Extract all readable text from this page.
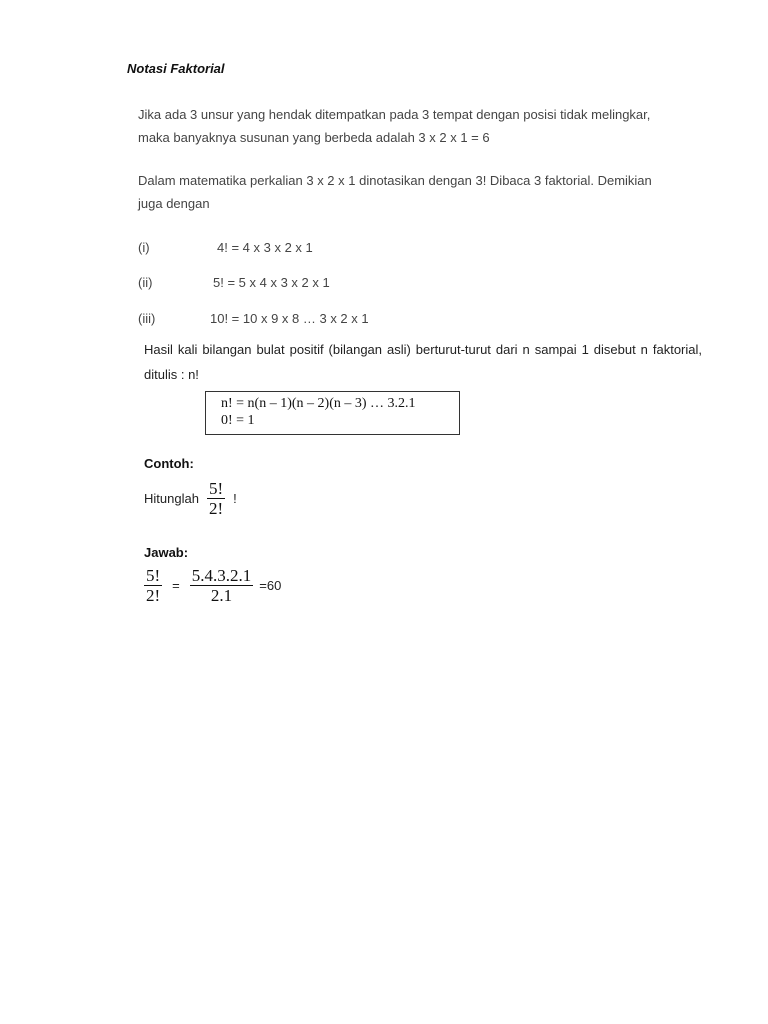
Notasi Faktorial
Jika ada 3 unsur yang hendak ditempatkan pada 3 tempat dengan posisi tidak melingkar,
maka banyaknya susunan yang berbeda adalah 3 x 2 x 1 = 6
Dalam matematika perkalian 3 x 2 x 1 dinotasikan dengan 3! Dibaca 3 faktorial. Demikian
juga dengan
(i)	4! = 4 x 3 x 2 x 1
(ii)	5! = 5 x 4 x 3 x 2 x 1
(iii)	10! = 10 x 9 x 8 … 3 x 2 x 1
Hasil kali bilangan bulat positif (bilangan asli) berturut-turut dari n sampai 1 disebut n faktorial, ditulis : n!
n! = n(n – 1)(n – 2)(n – 3) … 3.2.1
0! = 1
Contoh:
Hitunglah $\frac{5!}{2!}$ !
Jawab:
$\frac{5!}{2!} = \frac{5.4.3.2.1}{2.1} =60$
